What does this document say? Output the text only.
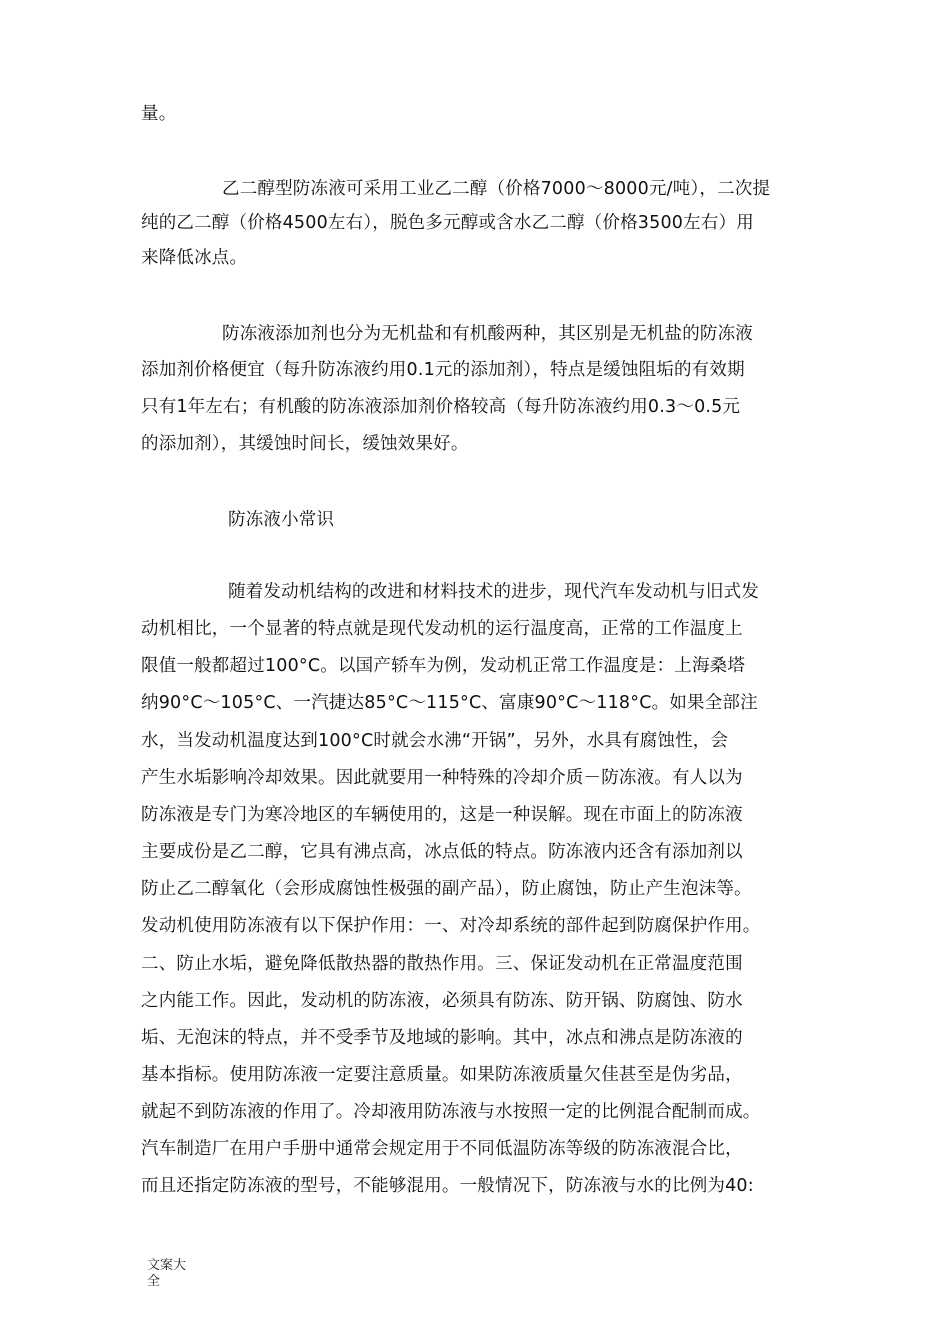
量。
乙二醇型防冻液可采用工业乙二醇（价格7000～8000元/吨），二次提
纯的乙二醇（价格4500左右），脱色多元醇或含水乙二醇（价格3500左右）用
来降低冰点。
防冻液添加剂也分为无机盐和有机酸两种，其区别是无机盐的防冻液
添加剂价格便宜（每升防冻液约用0.1元的添加剂），特点是缓蚀阻垢的有效期
只有1年左右；有机酸的防冻液添加剂价格较高（每升防冻液约用0.3～0.5元
的添加剂），其缓蚀时间长，缓蚀效果好。
防冻液小常识
随着发动机结构的改进和材料技术的进步，现代汽车发动机与旧式发
动机相比，一个显著的特点就是现代发动机的运行温度高，正常的工作温度上
限值一般都超过100°C。以国产轿车为例，发动机正常工作温度是：上海桑塔
纳90°C～105°C、一汽捷达85°C～115°C、富康90°C～118°C。如果全部注
水，当发动机温度达到100°C时就会水沸“开锅”，另外，水具有腐蚀性，会
产生水垢影响冷却效果。因此就要用一种特殊的冷却介质－防冻液。有人以为
防冻液是专门为寒冷地区的车辆使用的，这是一种误解。现在市面上的防冻液
主要成份是乙二醇，它具有沸点高，冰点低的特点。防冻液内还含有添加剂以
防止乙二醇氧化（会形成腐蚀性极强的副产品），防止腐蚀，防止产生泡沫等。
发动机使用防冻液有以下保护作用：一、对冷却系统的部件起到防腐保护作用。
二、防止水垢，避免降低散热器的散热作用。三、保证发动机在正常温度范围
之内能工作。因此，发动机的防冻液，必须具有防冻、防开锅、防腐蚀、防水
垢、无泡沫的特点，并不受季节及地域的影响。其中，冰点和沸点是防冻液的
基本指标。使用防冻液一定要注意质量。如果防冻液质量欠佳甚至是伪劣品，
就起不到防冻液的作用了。冷却液用防冻液与水按照一定的比例混合配制而成。
汽车制造厂在用户手册中通常会规定用于不同低温防冻等级的防冻液混合比，
而且还指定防冻液的型号，不能够混用。一般情况下，防冻液与水的比例为40:
文案大
全
